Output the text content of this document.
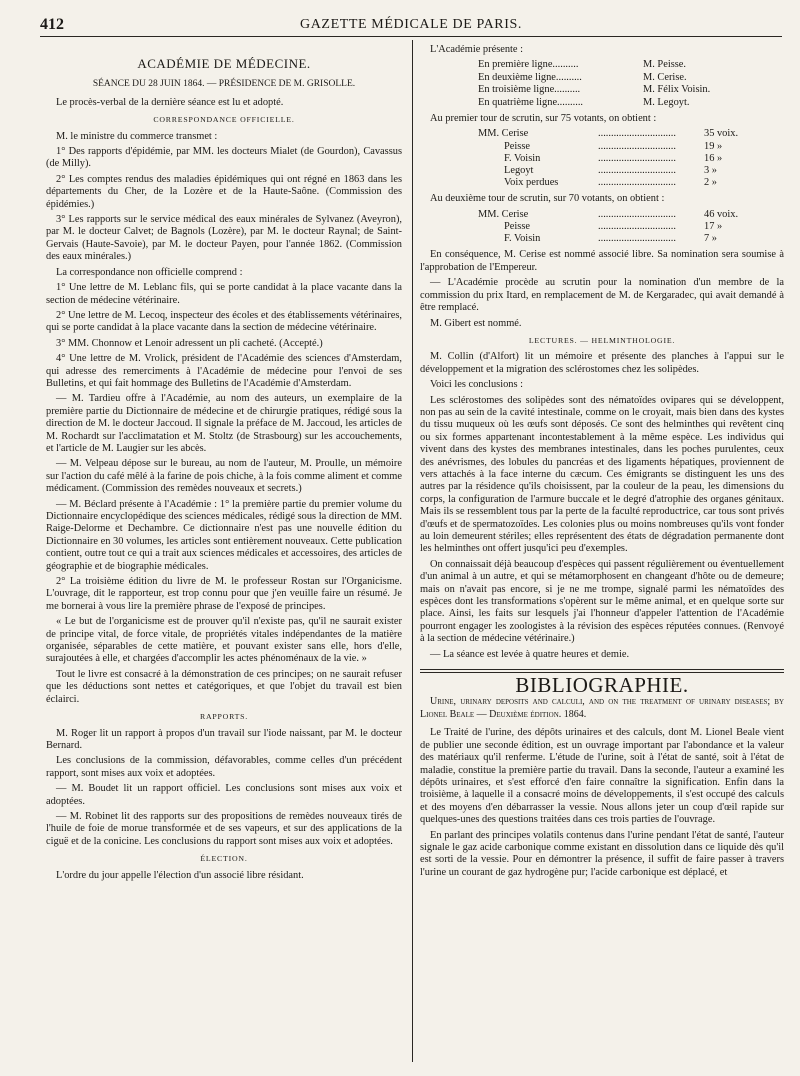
412	GAZETTE MÉDICALE DE PARIS.
ACADÉMIE DE MÉDECINE.

SÉANCE DU 28 JUIN 1864. — PRÉSIDENCE DE M. GRISOLLE.

Le procès-verbal de la dernière séance est lu et adopté.

CORRESPONDANCE OFFICIELLE.

M. le ministre du commerce transmet :

1° Des rapports d'épidémie, par MM. les docteurs Mialet (de Gourdon), Cavassus (de Milly).

2° Les comptes rendus des maladies épidémiques qui ont régné en 1863 dans les départements du Cher, de la Lozère et de la Haute-Saône. (Commission des épidémies.)

3° Les rapports sur le service médical des eaux minérales de Sylvanez (Aveyron), par M. le docteur Calvet; de Bagnols (Lozère), par M. le docteur Raynal; de Saint-Gervais (Haute-Savoie), par M. le docteur Payen, pour l'année 1862. (Commission des eaux minérales.)

La correspondance non officielle comprend :

1° Une lettre de M. Leblanc fils, qui se porte candidat à la place vacante dans la section de médecine vétérinaire.

2° Une lettre de M. Lecoq, inspecteur des écoles et des établissements vétérinaires, qui se porte candidat à la place vacante dans la section de médecine vétérinaire.

3° MM. Chonnow et Lenoir adressent un pli cacheté. (Accepté.)

4° Une lettre de M. Vrolick, président de l'Académie des sciences d'Amsterdam, qui adresse des remerciments à l'Académie de médecine pour l'envoi de ses Bulletins, et qui fait hommage des Bulletins de l'Académie d'Amsterdam.

— M. Tardieu offre à l'Académie, au nom des auteurs, un exemplaire de la première partie du Dictionnaire de médecine et de chirurgie pratiques, rédigé sous la direction de M. le docteur Jaccoud. Il signale la préface de M. Jaccoud, les articles de M. Rochardt sur l'acclimatation et M. Stoltz (de Strasbourg) sur les accouchements, et l'article de M. Laugier sur les abcès.

— M. Velpeau dépose sur le bureau, au nom de l'auteur, M. Proulle, un mémoire sur l'action du café mêlé à la farine de pois chiche, à la fois comme aliment et comme médicament. (Commission des remèdes nouveaux et secrets.)

— M. Béclard présente à l'Académie : 1° la première partie du premier volume du Dictionnaire encyclopédique des sciences médicales, rédigé sous la direction de MM. Raige-Delorme et Dechambre. Ce dictionnaire n'est pas une nouvelle édition du Dictionnaire en 30 volumes, les articles sont entièrement nouveaux. Cette publication contient, outre tout ce qui a trait aux sciences médicales et accessoires, des articles de géographie et de biographie médicales.

2° La troisième édition du livre de M. le professeur Rostan sur l'Organicisme. L'ouvrage, dit le rapporteur, est trop connu pour que j'en veuille faire un résumé. Je me bornerai à vous lire la première phrase de l'exposé de principes.

« Le but de l'organicisme est de prouver qu'il n'existe pas, qu'il ne saurait exister de principe vital, de force vitale, de propriétés vitales indépendantes de la matière organisée, séparables de cette matière, et pouvant exister sans elle, hors d'elle, surajoutées à elle, et chargées d'accomplir les actes phénoménaux de la vie. »

Tout le livre est consacré à la démonstration de ces principes; on ne saurait refuser que les déductions sont nettes et catégoriques, et que l'objet du travail est bien éclairci.

RAPPORTS.

M. Roger lit un rapport à propos d'un travail sur l'iode naissant, par M. le docteur Bernard.

Les conclusions de la commission, défavorables, comme celles d'un précédent rapport, sont mises aux voix et adoptées.

— M. Boudet lit un rapport officiel. Les conclusions sont mises aux voix et adoptées.

— M. Robinet lit des rapports sur des propositions de remèdes nouveaux tirés de l'huile de foie de morue transformée et de ses vapeurs, et sur des applications de la ciguë et de la conicine. Les conclusions du rapport sont mises aux voix et adoptées.

ÉLECTION.

L'ordre du jour appelle l'élection d'un associé libre résidant.

L'Académie présente :

En première ligne..........	M. Peisse.
En deuxième ligne..........	M. Cerise.
En troisième ligne..........	M. Félix Voisin.
En quatrième ligne..........	M. Legoyt.

Au premier tour de scrutin, sur 75 votants, on obtient :

MM. Cerise	..............................	35 voix.
Peisse	..............................	19 »
F. Voisin	..............................	16 »
Legoyt	..............................	3 »
Voix perdues	..............................	2 »

Au deuxième tour de scrutin, sur 70 votants, on obtient :

MM. Cerise	..............................	46 voix.
Peisse	..............................	17 »
F. Voisin	..............................	7 »

En conséquence, M. Cerise est nommé associé libre. Sa nomination sera soumise à l'approbation de l'Empereur.

— L'Académie procède au scrutin pour la nomination d'un membre de la commission du prix Itard, en remplacement de M. de Kergaradec, qui avait demandé à être remplacé.

M. Gibert est nommé.

LECTURES. — HELMINTHOLOGIE.

M. Collin (d'Alfort) lit un mémoire et présente des planches à l'appui sur le développement et la migration des sclérostomes chez les solipèdes.

Voici les conclusions :

Les sclérostomes des solipèdes sont des nématoïdes ovipares qui se développent, non pas au sein de la cavité intestinale, comme on le croyait, mais bien dans des kystes du tissu muqueux où les œufs sont déposés. Ce sont des helminthes qui revêtent cinq ou six formes appartenant incontestablement à la même espèce. Les individus qui vivent dans des kystes des membranes intestinales, dans les poches purulentes, ceux des anévrismes, des lobules du pancréas et des ligaments hépatiques, proviennent de vers attachés à la face interne du cæcum. Ces émigrants se distinguent les uns des autres par la résidence qu'ils choisissent, par la couleur de la peau, les dimensions du corps, la configuration de l'armure buccale et le degré d'atrophie des organes génitaux. Mais ils se ressemblent tous par la perte de la faculté reproductrice, car tous sont privés d'œufs et de spermatozoïdes. Les colonies plus ou moins nombreuses qu'ils vont fonder au loin demeurent stériles; elles représentent des états de dégradation permanente dont les helminthes ont offert jusqu'ici peu d'exemples.

On connaissait déjà beaucoup d'espèces qui passent régulièrement ou éventuellement d'un animal à un autre, et qui se métamorphosent en changeant d'hôte ou de demeure; mais on n'avait pas encore, si je ne me trompe, signalé parmi les nématoïdes des espèces dont les transformations s'opèrent sur le même animal, et en quelque sorte sur place. Ainsi, les faits sur lesquels j'ai l'honneur d'appeler l'attention de l'Académie pourront engager les zoologistes à la révision des espèces réputées connues. (Renvoyé à la section de médecine vétérinaire.)

— La séance est levée à quatre heures et demie.

BIBLIOGRAPHIE.

Urine, urinary deposits and calculi, and on the treatment of urinary diseases; by Lionel Beale — Deuxième édition. 1864.

Le Traité de l'urine, des dépôts urinaires et des calculs, dont M. Lionel Beale vient de publier une seconde édition, est un ouvrage important par l'abondance et la valeur des matériaux qu'il renferme. L'étude de l'urine, soit à l'état de santé, soit à l'état de maladie, constitue la première partie du travail. Dans la seconde, l'auteur a examiné les dépôts urinaires, et s'est efforcé d'en faire connaître la signification. Enfin dans la troisième, à laquelle il a consacré moins de développements, il s'est occupé des calculs et des moyens d'en débarrasser la vessie. Nous allons jeter un coup d'œil rapide sur quelques-unes des questions traitées dans ces trois parties de l'ouvrage.

En parlant des principes volatils contenus dans l'urine pendant l'état de santé, l'auteur signale le gaz acide carbonique comme existant en dissolution dans ce liquide dès qu'il est sorti de la vessie. Pour en démontrer la présence, il suffit de faire passer à travers l'urine un courant de gaz hydrogène pur; l'acide carbonique est déplacé, et
